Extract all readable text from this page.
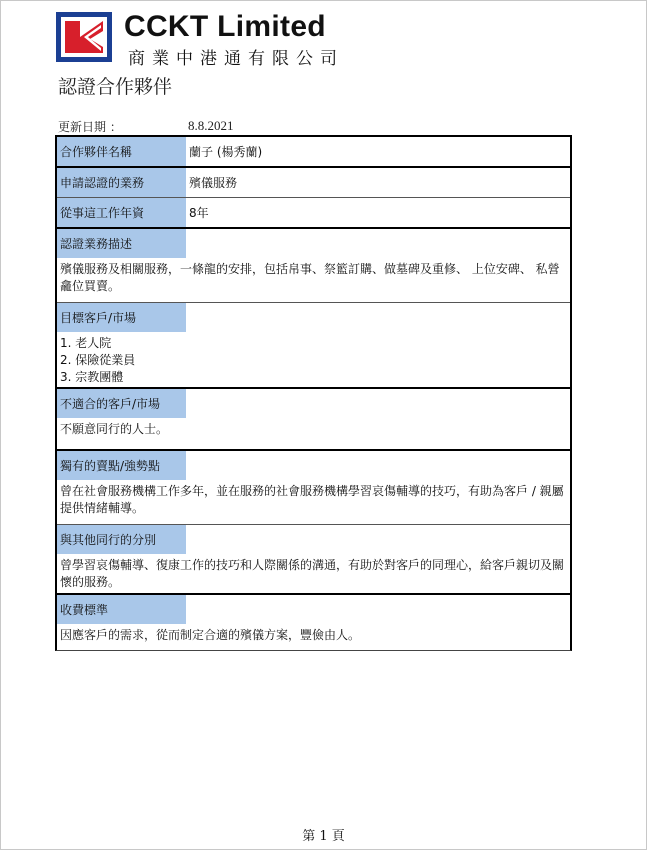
CCKT Limited
商業中港通有限公司
認證合作夥伴
更新日期 ：	8.8.2021
合作夥伴名稱	蘭子 (楊秀蘭)
申請認證的業務	殯儀服務
從事這工作年資	8年
認證業務描述
殯儀服務及相關服務，一條龍的安排，包括帛事、祭籃訂購、做墓碑及重修、 上位安碑、 私營龕位買賣。
目標客戶/市場
1. 老人院
2. 保險從業員
3. 宗教團體
不適合的客戶/市場
不願意同行的人士。
獨有的賣點/強勢點
曾在社會服務機構工作多年，並在服務的社會服務機構學習哀傷輔導的技巧，有助為客戶 / 親屬提供情緒輔導。
與其他同行的分別
曾學習哀傷輔導、復康工作的技巧和人際關係的溝通，有助於對客戶的同理心，給客戶親切及關懷的服務。
收費標準
因應客戶的需求，從而制定合適的殯儀方案，豐儉由人。
第 1 頁
